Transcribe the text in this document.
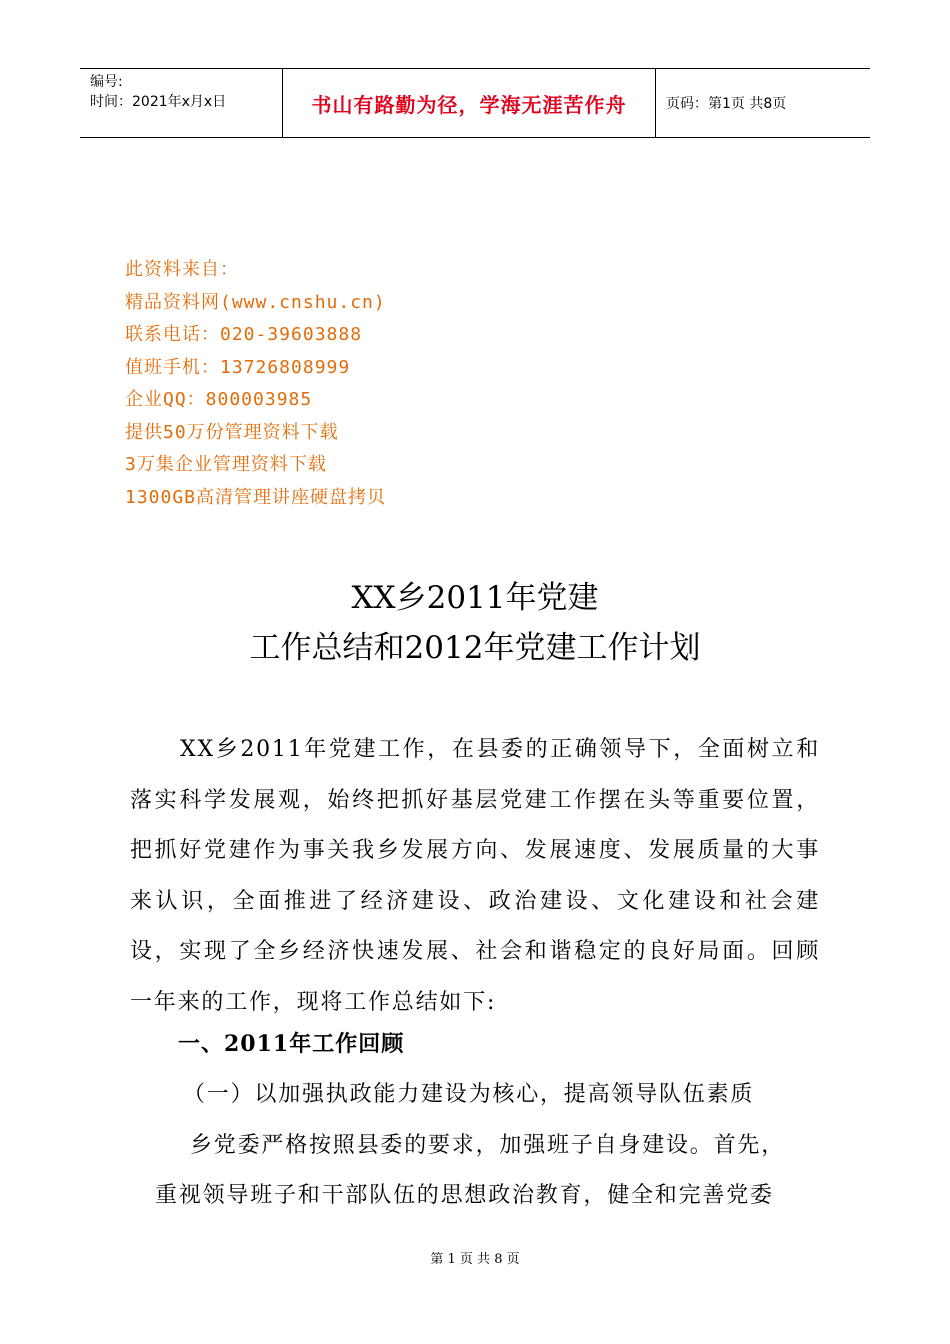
编号:
时间：2021年x月x日	书山有路勤为径，学海无涯苦作舟	页码：第1页 共8页
此资料来自：
精品资料网(www.cnshu.cn)
联系电话：020-39603888
值班手机：13726808999
企业QQ：800003985
提供50万份管理资料下载
3万集企业管理资料下载
1300GB高清管理讲座硬盘拷贝
XX乡2011年党建
工作总结和2012年党建工作计划
XX乡2011年党建工作，在县委的正确领导下，全面树立和落实科学发展观，始终把抓好基层党建工作摆在头等重要位置，把抓好党建作为事关我乡发展方向、发展速度、发展质量的大事来认识，全面推进了经济建设、政治建设、文化建设和社会建设，实现了全乡经济快速发展、社会和谐稳定的良好局面。回顾一年来的工作，现将工作总结如下:
一、2011年工作回顾
（一）以加强执政能力建设为核心，提高领导队伍素质
乡党委严格按照县委的要求，加强班子自身建设。首先，
重视领导班子和干部队伍的思想政治教育，健全和完善党委
第 1 页 共 8 页
